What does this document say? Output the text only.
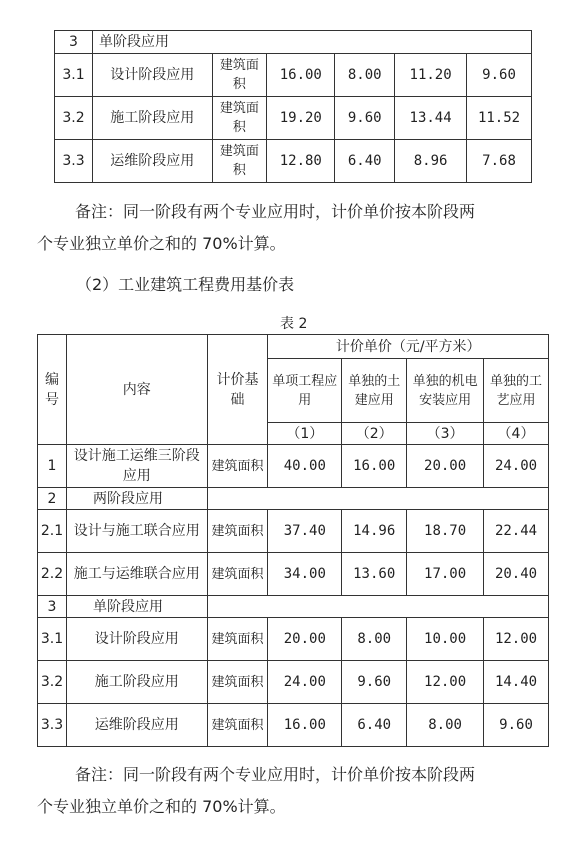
3	单阶段应用					
3.1	设计阶段应用	建筑面积	16.00	8.00	11.20	9.60
3.2	施工阶段应用	建筑面积	19.20	9.60	13.44	11.52
3.3	运维阶段应用	建筑面积	12.80	6.40	8.96	7.68

备注：同一阶段有两个专业应用时，计价单价按本阶段两
个专业独立单价之和的 70%计算。

（2）工业建筑工程费用基价表

表 2

编号	内容	计价基础	计价单价（元/平方米）			
			单项工程应用	单独的土建应用	单独的机电安装应用	单独的工艺应用
			（1）	（2）	（3）	（4）
1	设计施工运维三阶段应用	建筑面积	40.00	16.00	20.00	24.00
2	两阶段应用					
2.1	设计与施工联合应用	建筑面积	37.40	14.96	18.70	22.44
2.2	施工与运维联合应用	建筑面积	34.00	13.60	17.00	20.40
3	单阶段应用					
3.1	设计阶段应用	建筑面积	20.00	8.00	10.00	12.00
3.2	施工阶段应用	建筑面积	24.00	9.60	12.00	14.40
3.3	运维阶段应用	建筑面积	16.00	6.40	8.00	9.60

备注：同一阶段有两个专业应用时，计价单价按本阶段两
个专业独立单价之和的 70%计算。
